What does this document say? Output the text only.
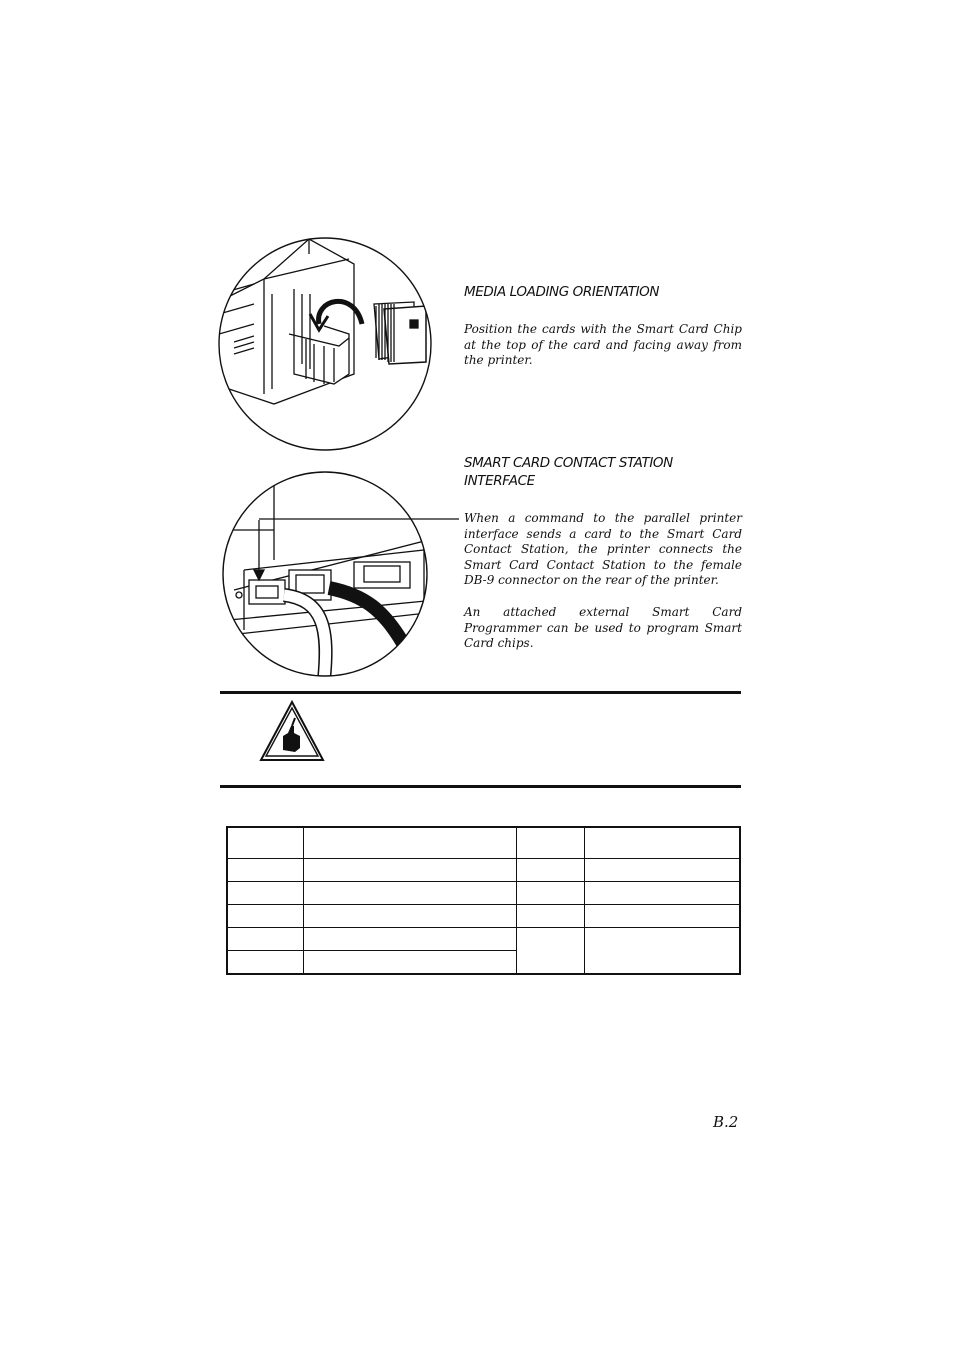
MEDIA LOADING ORIENTATION
Position the cards with the Smart Card Chip at the top of the card and facing away from the printer.
SMART CARD CONTACT STATION
INTERFACE
When a command to the parallel printer interface sends a card to the Smart Card Contact Station, the printer connects the Smart Card Contact Station to the female DB-9 connector on the rear of the printer.
An attached external Smart Card Programmer can be used to program Smart Card chips.

B.2
